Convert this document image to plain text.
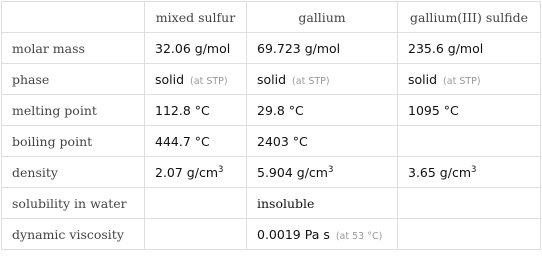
	mixed sulfur	gallium	gallium(III) sulfide
molar mass	32.06 g/mol	69.723 g/mol	235.6 g/mol
phase	solid (at STP)	solid (at STP)	solid (at STP)
melting point	112.8 °C	29.8 °C	1095 °C
boiling point	444.7 °C	2403 °C	
density	2.07 $g/cm^3$	5.904 $g/cm^3$	3.65 $g/cm^3$
solubility in water		insoluble	
dynamic viscosity		0.0019 Pa s (at 53 °C)	
